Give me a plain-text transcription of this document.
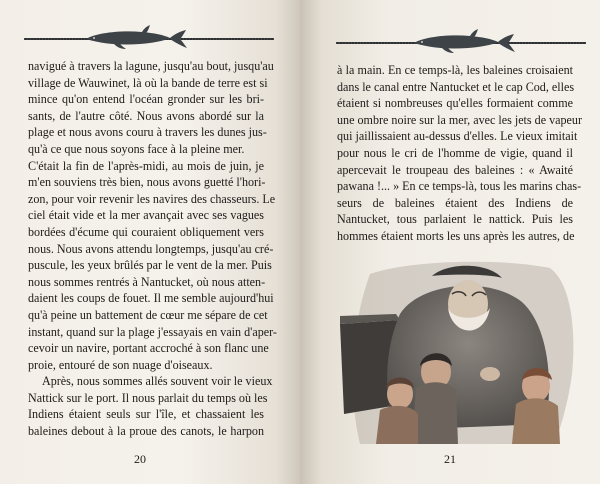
navigué à travers la lagune, jusqu'au bout, jusqu'au
village de Wauwinet, là où la bande de terre est si
mince qu'on entend l'océan gronder sur les bri-
sants, de l'autre côté. Nous avons abordé sur la
plage et nous avons couru à travers les dunes jus-
qu'à ce que nous soyons face à la pleine mer.
C'était la fin de l'après-midi, au mois de juin, je
m'en souviens très bien, nous avons guetté l'hori-
zon, pour voir revenir les navires des chasseurs. Le
ciel était vide et la mer avançait avec ses vagues
bordées d'écume qui couraient obliquement vers
nous. Nous avons attendu longtemps, jusqu'au cré-
puscule, les yeux brûlés par le vent de la mer. Puis
nous sommes rentrés à Nantucket, où nous atten-
daient les coups de fouet. Il me semble aujourd'hui
qu'à peine un battement de cœur me sépare de cet
instant, quand sur la plage j'essayais en vain d'aper-
cevoir un navire, portant accroché à son flanc une
proie, entouré de son nuage d'oiseaux.
Après, nous sommes allés souvent voir le vieux
Nattick sur le port. Il nous parlait du temps où les
Indiens étaient seuls sur l'île, et chassaient les
baleines debout à la proue des canots, le harpon
20
à la main. En ce temps-là, les baleines croisaient
dans le canal entre Nantucket et le cap Cod, elles
étaient si nombreuses qu'elles formaient comme
une ombre noire sur la mer, avec les jets de vapeur
qui jaillissaient au-dessus d'elles. Le vieux imitait
pour nous le cri de l'homme de vigie, quand il
apercevait le troupeau des baleines : « Awaité
pawana !... » En ce temps-là, tous les marins chas-
seurs de baleines étaient des Indiens de
Nantucket, tous parlaient le nattick. Puis les
hommes étaient morts les uns après les autres, de
21
